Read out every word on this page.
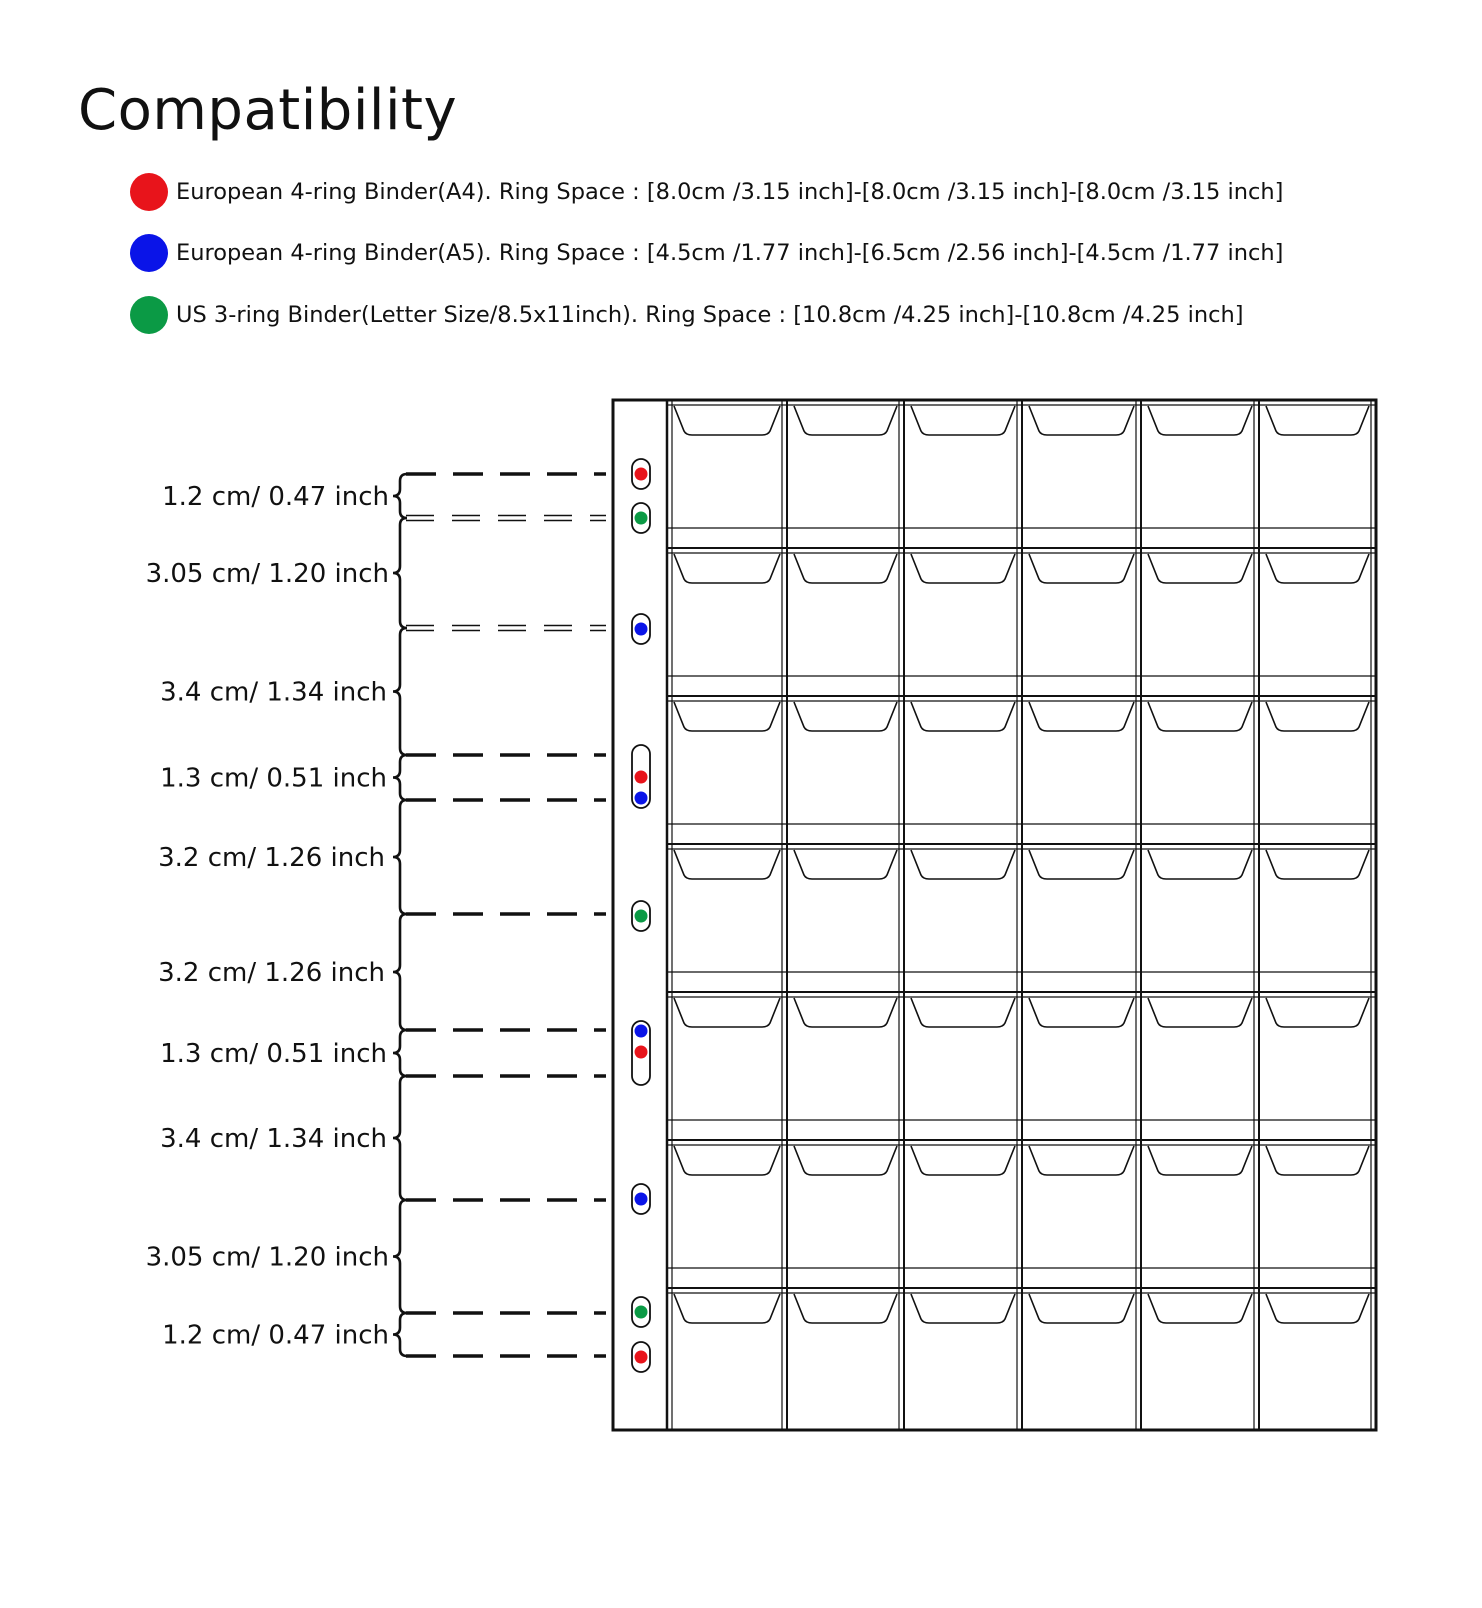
Compatibility
European 4-ring Binder(A4). Ring Space : [8.0cm /3.15 inch]-[8.0cm /3.15 inch]-[8.0cm /3.15 inch]
European 4-ring Binder(A5). Ring Space : [4.5cm /1.77 inch]-[6.5cm /2.56 inch]-[4.5cm /1.77 inch]
US 3-ring Binder(Letter Size/8.5x11inch). Ring Space : [10.8cm /4.25 inch]-[10.8cm /4.25 inch]
1.2 cm/ 0.47 inch
3.05 cm/ 1.20 inch
3.4 cm/ 1.34 inch
1.3 cm/ 0.51 inch
3.2 cm/ 1.26 inch
3.2 cm/ 1.26 inch
1.3 cm/ 0.51 inch
3.4 cm/ 1.34 inch
3.05 cm/ 1.20 inch
1.2 cm/ 0.47 inch
